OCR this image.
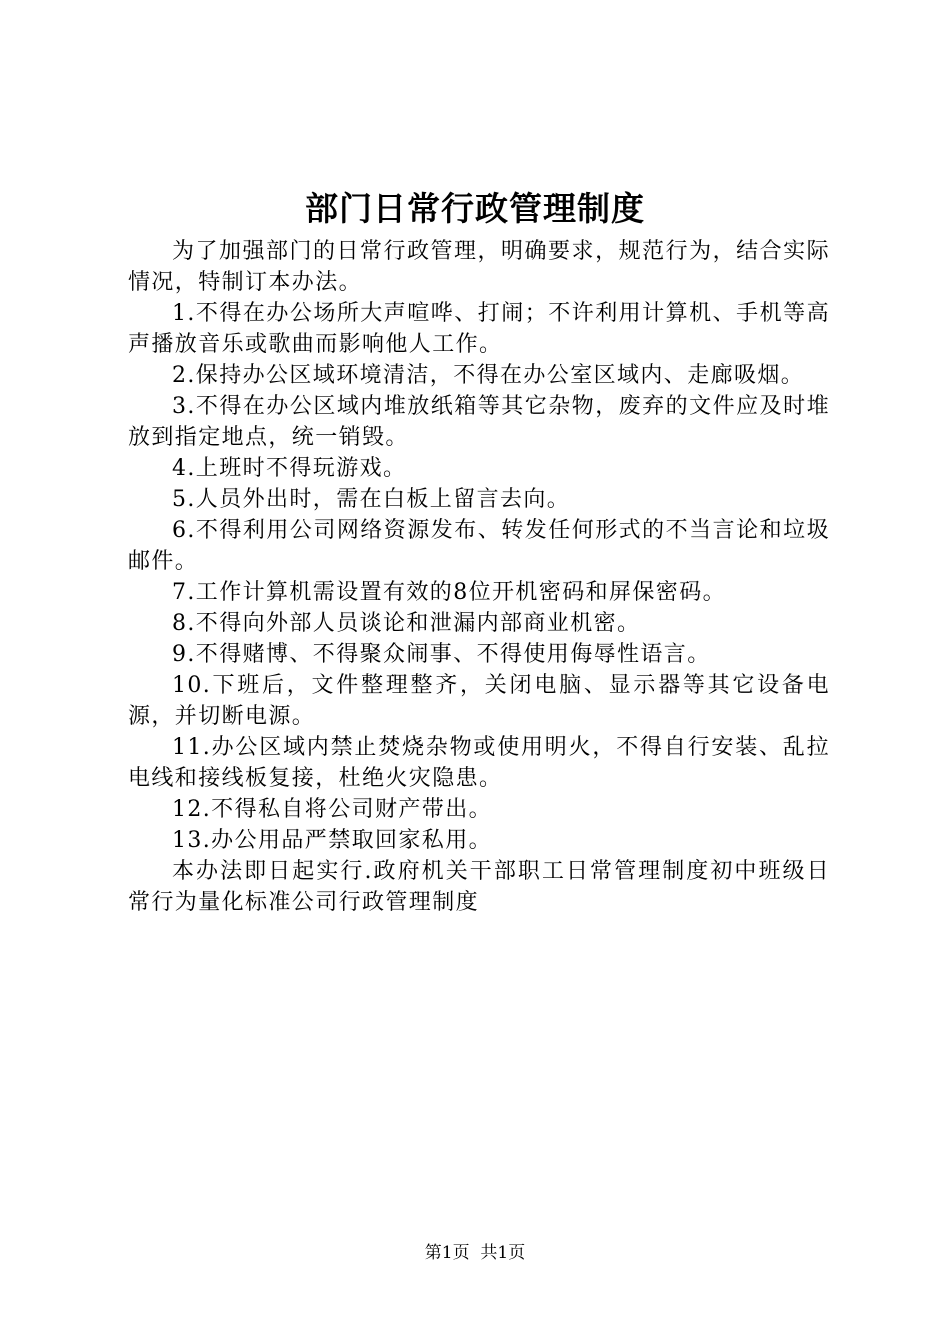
部门日常行政管理制度

为了加强部门的日常行政管理，明确要求，规范行为，结合实际情况，特制订本办法。

1.不得在办公场所大声喧哗、打闹；不许利用计算机、手机等高声播放音乐或歌曲而影响他人工作。

2.保持办公区域环境清洁，不得在办公室区域内、走廊吸烟。

3.不得在办公区域内堆放纸箱等其它杂物，废弃的文件应及时堆放到指定地点，统一销毁。

4.上班时不得玩游戏。

5.人员外出时，需在白板上留言去向。

6.不得利用公司网络资源发布、转发任何形式的不当言论和垃圾邮件。

7.工作计算机需设置有效的8位开机密码和屏保密码。

8.不得向外部人员谈论和泄漏内部商业机密。

9.不得赌博、不得聚众闹事、不得使用侮辱性语言。

10.下班后，文件整理整齐，关闭电脑、显示器等其它设备电源，并切断电源。

11.办公区域内禁止焚烧杂物或使用明火，不得自行安装、乱拉电线和接线板复接，杜绝火灾隐患。

12.不得私自将公司财产带出。

13.办公用品严禁取回家私用。

本办法即日起实行.政府机关干部职工日常管理制度初中班级日常行为量化标准公司行政管理制度

第1页 共1页
